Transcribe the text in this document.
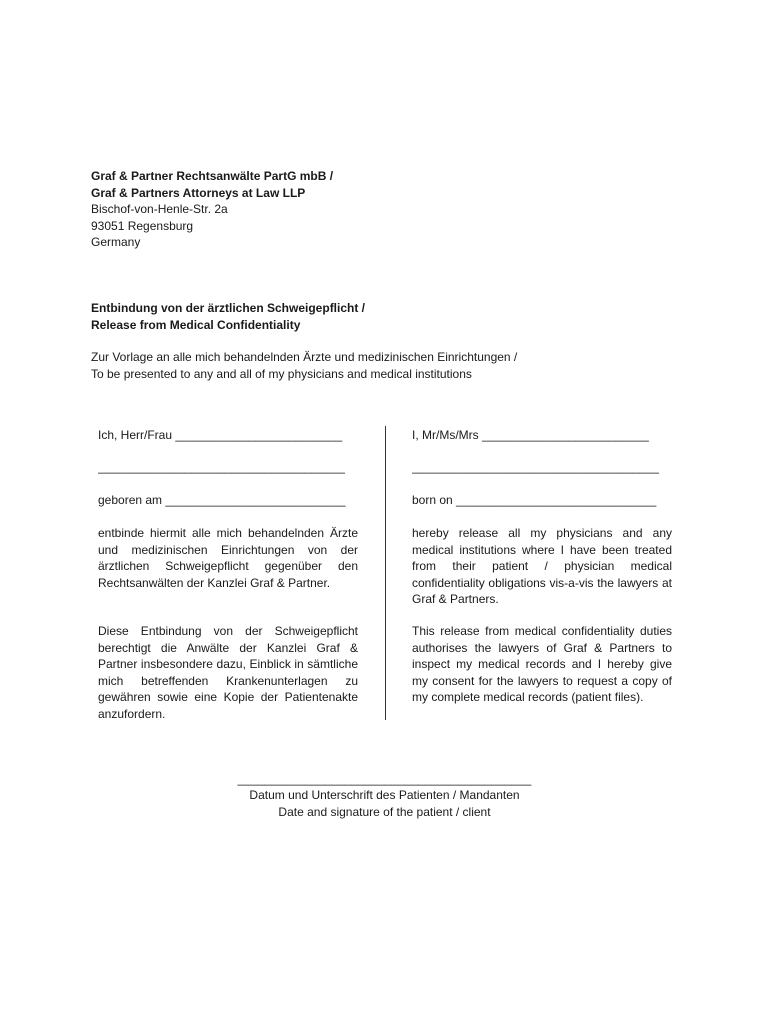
Graf & Partner Rechtsanwälte PartG mbB /
Graf & Partners Attorneys at Law LLP
Bischof-von-Henle-Str. 2a
93051 Regensburg
Germany
Entbindung von der ärztlichen Schweigepflicht /
Release from Medical Confidentiality
Zur Vorlage an alle mich behandelnden Ärzte und medizinischen Einrichtungen /
To be presented to any and all of my physicians and medical institutions
Ich, Herr/Frau _________________________
_____________________________________
geboren am ___________________________
entbinde hiermit alle mich behandelnden Ärzte und medizinischen Einrichtungen von der ärztlichen Schweigepflicht gegenüber den Rechtsanwälten der Kanzlei Graf & Partner.
Diese Entbindung von der Schweigepflicht berechtigt die Anwälte der Kanzlei Graf & Partner insbesondere dazu, Einblick in sämtliche mich betreffenden Krankenunterlagen zu gewähren sowie eine Kopie der Patientenakte anzufordern.
I, Mr/Ms/Mrs _________________________
_____________________________________
born on ______________________________
hereby release all my physicians and any medical institutions where I have been treated from their patient / physician medical confidentiality obligations vis-a-vis the lawyers at Graf & Partners.
This release from medical confidentiality duties authorises the lawyers of Graf & Partners to inspect my medical records and I hereby give my consent for the lawyers to request a copy of my complete medical records (patient files).
____________________________________________
Datum und Unterschrift des Patienten / Mandanten
Date and signature of the patient / client
